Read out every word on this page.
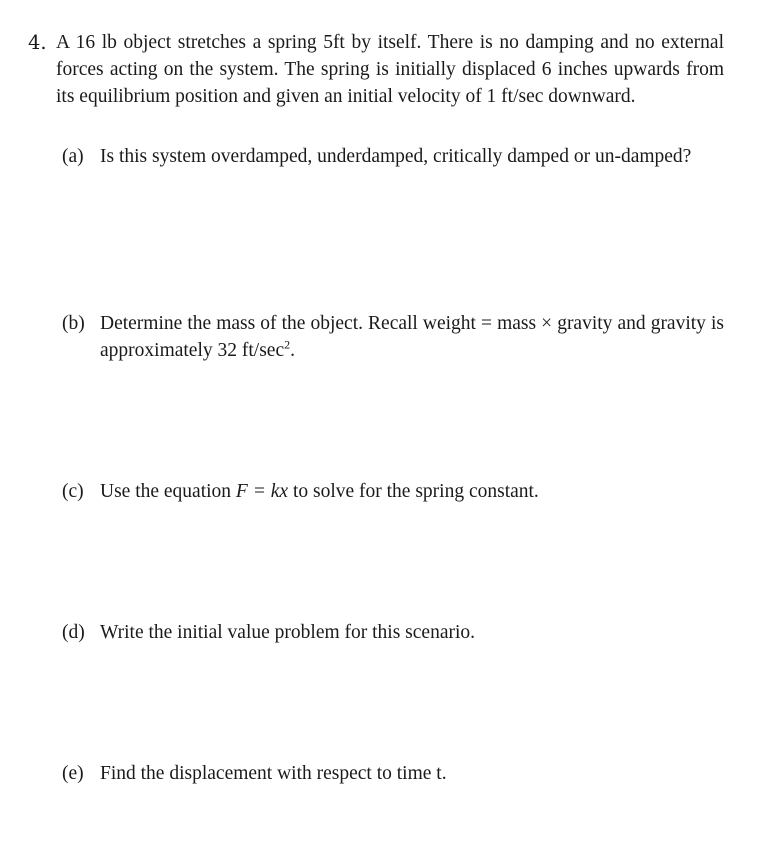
4. A 16 lb object stretches a spring 5ft by itself. There is no damping and no external forces acting on the system. The spring is initially displaced 6 inches upwards from its equilibrium position and given an initial velocity of 1 ft/sec downward.
(a) Is this system overdamped, underdamped, critically damped or un-damped?
(b) Determine the mass of the object. Recall weight = mass × gravity and gravity is approximately 32 $ft/\sec^2$.
(c) Use the equation F = kx to solve for the spring constant.
(d) Write the initial value problem for this scenario.
(e) Find the displacement with respect to time t.
